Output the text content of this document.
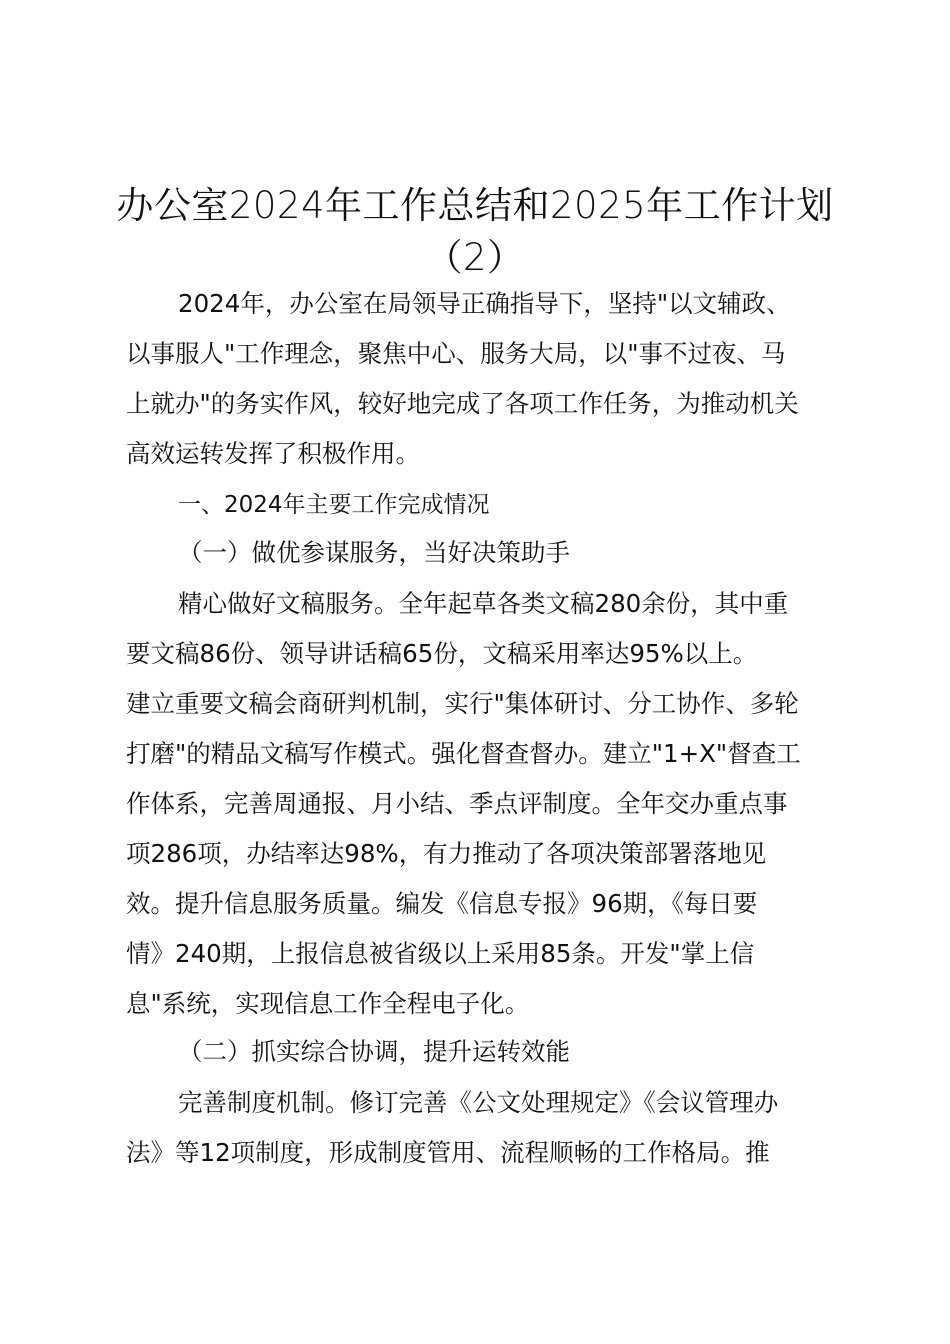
办公室2024年工作总结和2025年工作计划
（2）
2024年，办公室在局领导正确指导下，坚持"以文辅政、
以事服人"工作理念，聚焦中心、服务大局，以"事不过夜、马
上就办"的务实作风，较好地完成了各项工作任务，为推动机关
高效运转发挥了积极作用。
一、2024年主要工作完成情况
（一）做优参谋服务，当好决策助手
精心做好文稿服务。全年起草各类文稿280余份，其中重
要文稿86份、领导讲话稿65份，文稿采用率达95%以上。
建立重要文稿会商研判机制，实行"集体研讨、分工协作、多轮
打磨"的精品文稿写作模式。强化督查督办。建立"1+X"督查工
作体系，完善周通报、月小结、季点评制度。全年交办重点事
项286项，办结率达98%，有力推动了各项决策部署落地见
效。提升信息服务质量。编发《信息专报》96期，《每日要
情》240期，上报信息被省级以上采用85条。开发"掌上信
息"系统，实现信息工作全程电子化。
（二）抓实综合协调，提升运转效能
完善制度机制。修订完善《公文处理规定》《会议管理办
法》等12项制度，形成制度管用、流程顺畅的工作格局。推
